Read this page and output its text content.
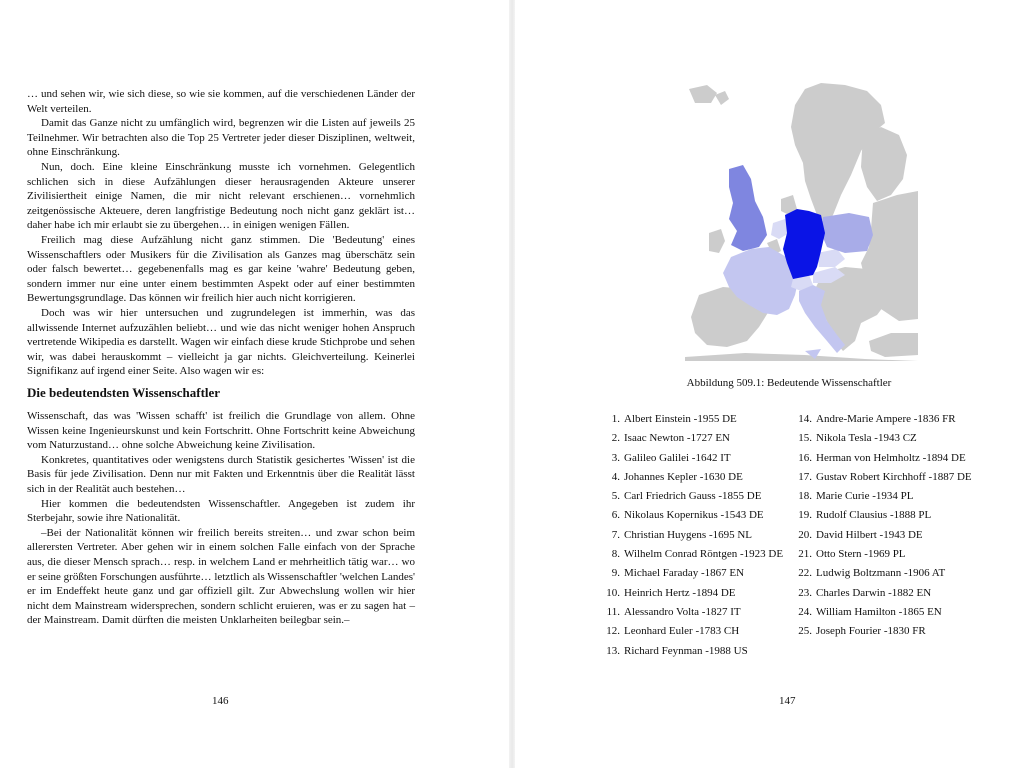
… und sehen wir, wie sich diese, so wie sie kommen, auf die verschiedenen Länder der Welt verteilen.

Damit das Ganze nicht zu umfänglich wird, begrenzen wir die Listen auf jeweils 25 Teilnehmer. Wir betrachten also die Top 25 Vertreter jeder dieser Disziplinen, weltweit, ohne Einschränkung.

Nun, doch. Eine kleine Einschränkung musste ich vornehmen. Gelegentlich schlichen sich in diese Aufzählungen dieser herausragenden Akteure unserer Zivilisiertheit einige Namen, die mir nicht relevant erschienen… vornehmlich zeitgenössische Akteuere, deren langfristige Bedeutung noch nicht ganz geklärt ist… daher habe ich mir erlaubt sie zu übergehen… in einigen wenigen Fällen.

Freilich mag diese Aufzählung nicht ganz stimmen. Die 'Bedeutung' eines Wissenschaftlers oder Musikers für die Zivilisation als Ganzes mag überschätz sein oder falsch bewertet… gegebenenfalls mag es gar keine 'wahre' Bedeutung geben, sondern immer nur eine unter einem bestimmten Aspekt oder auf einer bestimmten Bewertungsgrundlage. Das können wir freilich hier auch nicht korrigieren.

Doch was wir hier untersuchen und zugrundelegen ist immerhin, was das allwissende Internet aufzuzählen beliebt… und wie das nicht weniger hohen Anspruch vertretende Wikipedia es darstellt. Wagen wir einfach diese krude Stichprobe und sehen wir, was dabei herauskommt – vielleicht ja gar nichts. Gleichverteilung. Keinerlei Signifikanz auf irgend einer Seite. Also wagen wir es:

Die bedeutendsten Wissenschaftler

Wissenschaft, das was 'Wissen schafft' ist freilich die Grundlage von allem. Ohne Wissen keine Ingenieurskunst und kein Fortschritt. Ohne Fortschritt keine Abweichung vom Naturzustand… ohne solche Abweichung keine Zivilisation.

Konkretes, quantitatives oder wenigstens durch Statistik gesichertes 'Wissen' ist die Basis für jede Zivilisation. Denn nur mit Fakten und Erkenntnis über die Realität lässt sich in der Realität auch bestehen…

Hier kommen die bedeutendsten Wissenschaftler. Angegeben ist zudem ihr Sterbejahr, sowie ihre Nationalität.

–Bei der Nationalität können wir freilich bereits streiten… und zwar schon beim allerersten Vertreter. Aber gehen wir in einem solchen Falle einfach von der Sprache aus, die dieser Mensch sprach… resp. in welchem Land er mehrheitlich tätig war… wo er seine größten Forschungen ausführte… letztlich als Wissenschaftler 'welchen Landes' er im Endeffekt heute ganz und gar offiziell gilt. Zur Abwechslung wollen wir hier nicht dem Mainstream widersprechen, sondern schlicht eruieren, was er zu sagen hat – der Mainstream. Damit dürften die meisten Unklarheiten beilegbar sein.–

146

Abbildung 509.1: Bedeutende Wissenschaftler

1. Albert Einstein -1955 DE
2. Isaac Newton -1727 EN
3. Galileo Galilei -1642 IT
4. Johannes Kepler -1630 DE
5. Carl Friedrich Gauss -1855 DE
6. Nikolaus Kopernikus -1543 DE
7. Christian Huygens -1695 NL
8. Wilhelm Conrad Röntgen -1923 DE
9. Michael Faraday -1867 EN
10. Heinrich Hertz -1894 DE
11. Alessandro Volta -1827 IT
12. Leonhard Euler -1783 CH
13. Richard Feynman -1988 US
14. Andre-Marie Ampere -1836 FR
15. Nikola Tesla -1943 CZ
16. Herman von Helmholtz -1894 DE
17. Gustav Robert Kirchhoff -1887 DE
18. Marie Curie -1934 PL
19. Rudolf Clausius -1888 PL
20. David Hilbert -1943 DE
21. Otto Stern -1969 PL
22. Ludwig Boltzmann -1906 AT
23. Charles Darwin -1882 EN
24. William Hamilton -1865 EN
25. Joseph Fourier -1830 FR
147
